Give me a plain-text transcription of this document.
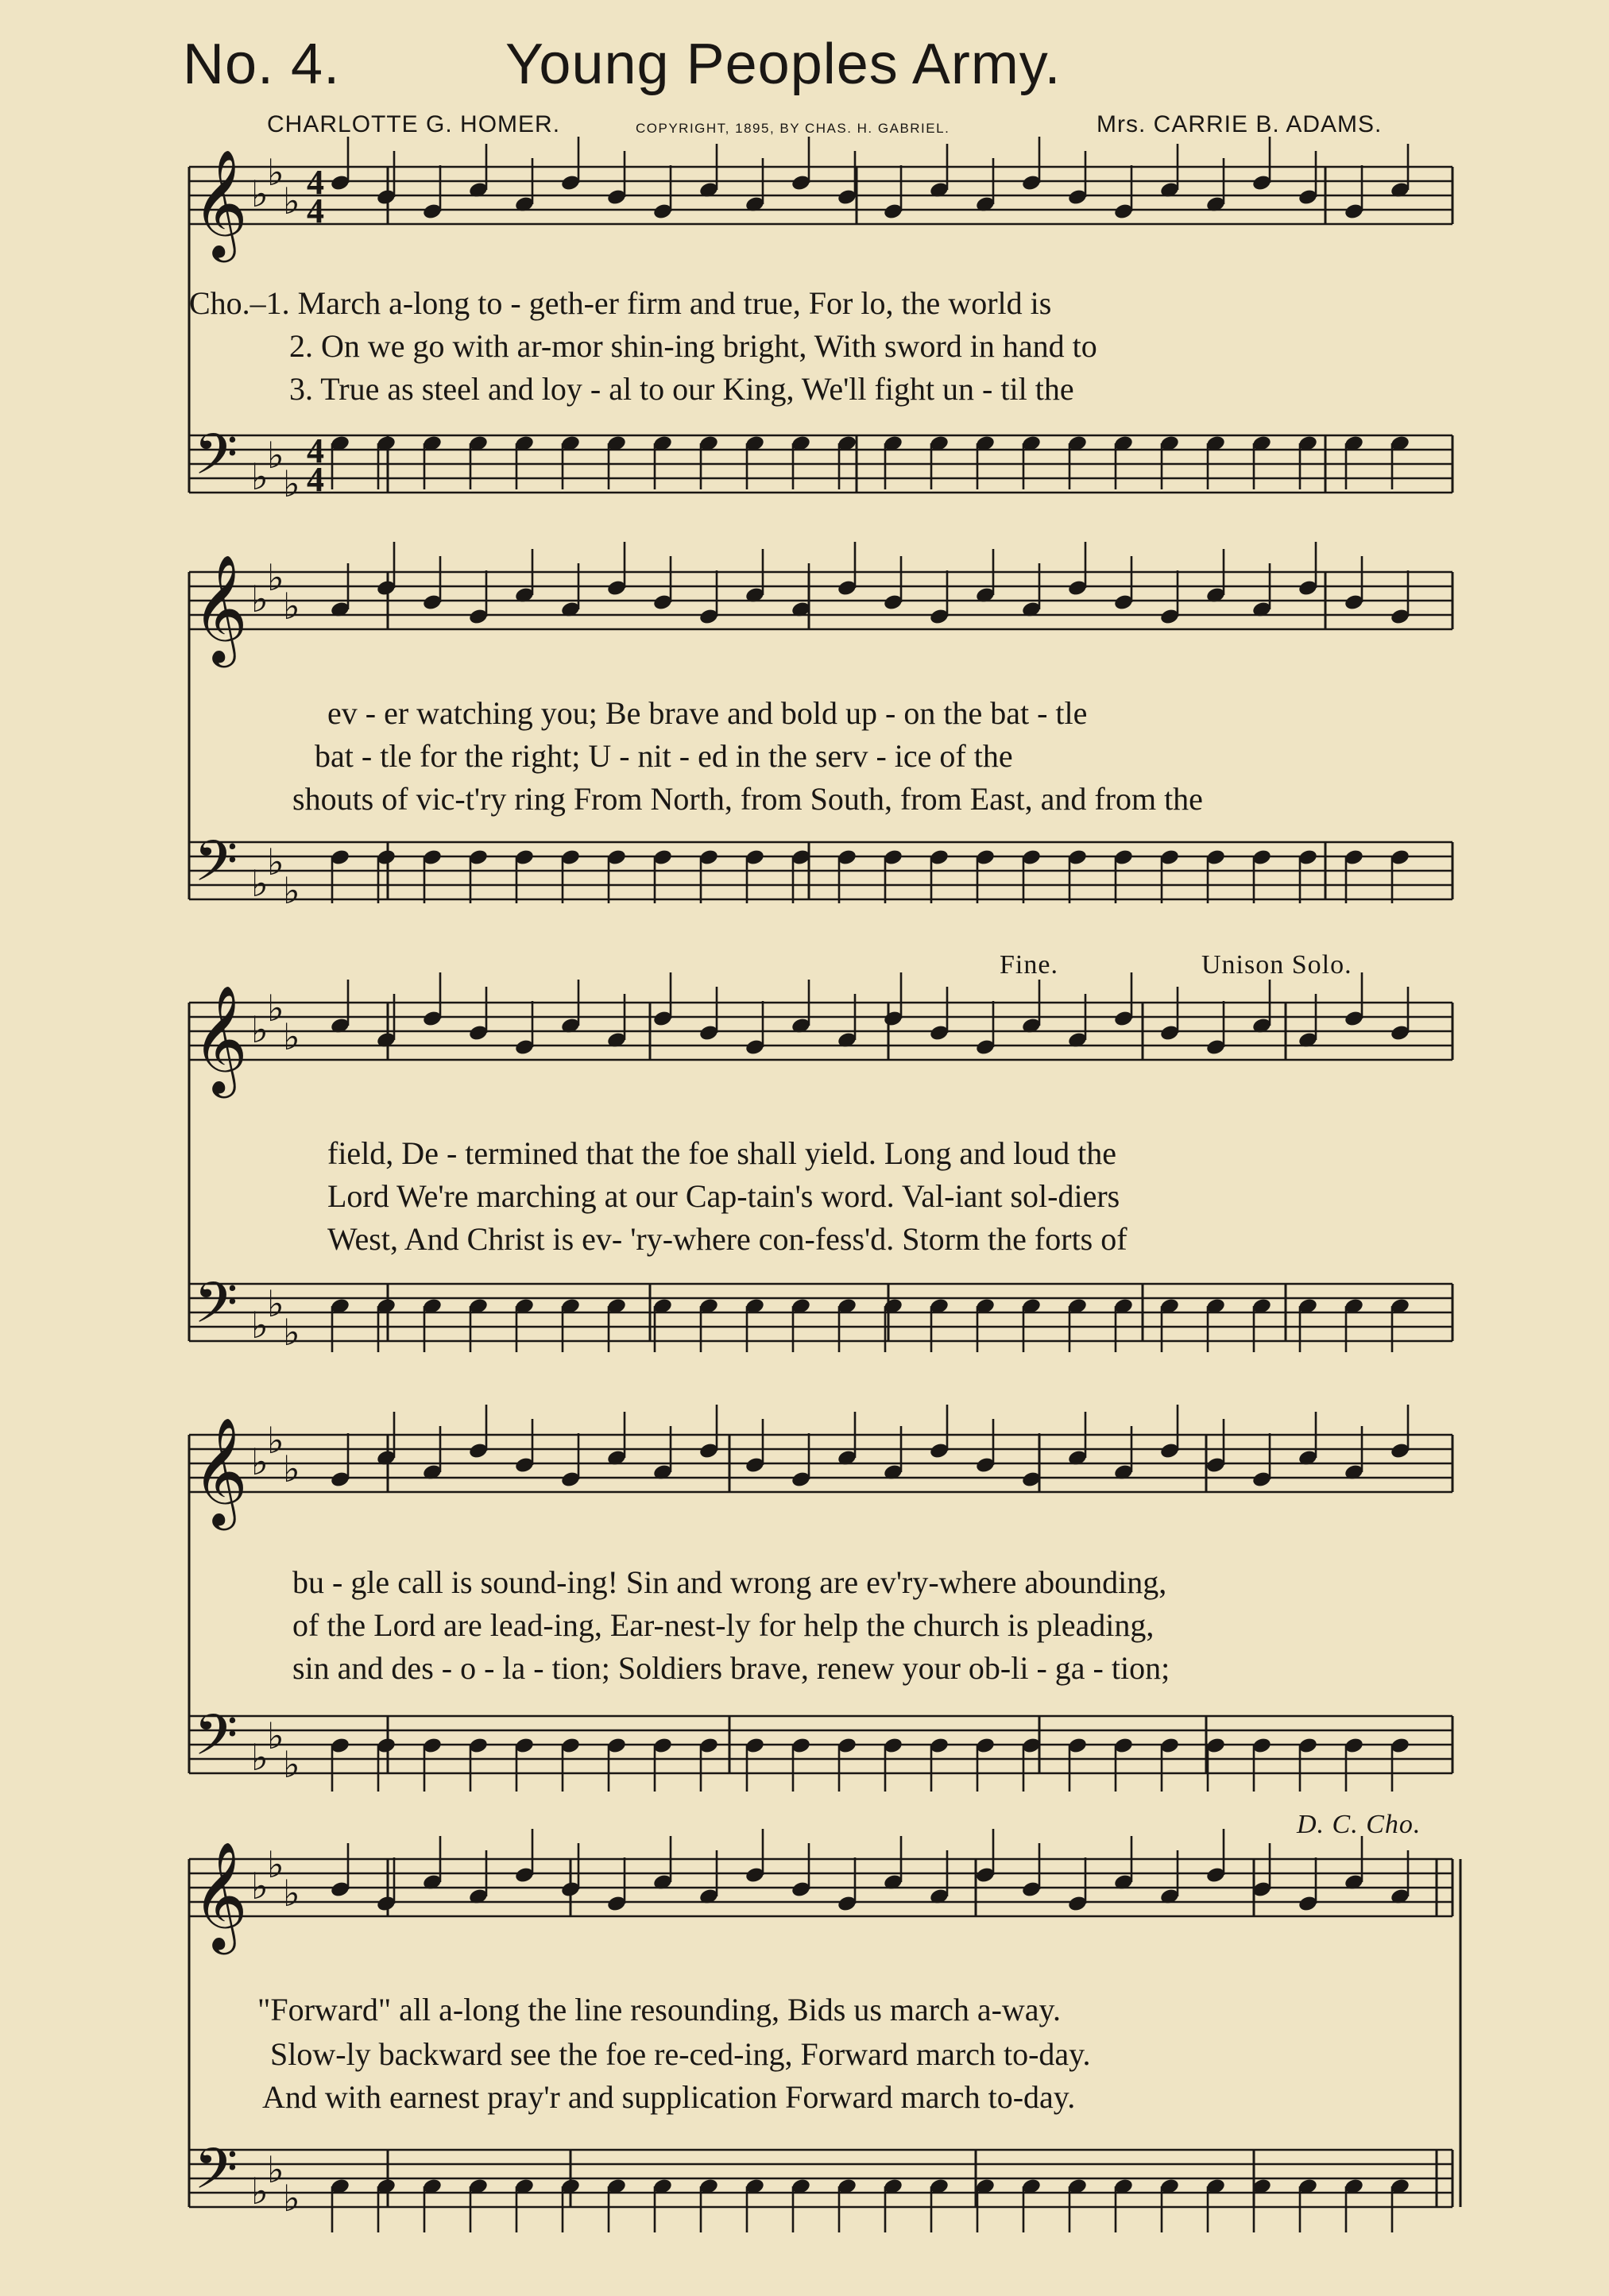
No. 4.	Young Peoples Army.
CHARLOTTE G. HOMER.	COPYRIGHT, 1895, BY CHAS. H. GABRIEL.	Mrs. CARRIE B. ADAMS.
𝄞 ♭
♭
♭ 4
4
𝄢 ♭
♭
♭
4
4
𝄞 ♭
♭
♭
𝄢 ♭
♭
♭
𝄞 ♭
♭
♭
𝄢 ♭
♭
♭
𝄞 ♭
♭
♭
𝄢 ♭
♭
♭
𝄞 ♭
♭
♭
𝄢 ♭
♭
♭
Fine.	Unison Solo.
D. C. Cho.
Cho.–1. March a-long to - geth-er firm and true, For lo, the world is
2. On we go with ar-mor shin-ing bright, With sword in hand to
3. True as steel and loy - al to our King, We'll fight un - til the
ev - er watching you; Be brave and bold up - on the bat - tle
bat - tle for the right; U - nit - ed in the serv - ice of the
shouts of vic-t'ry ring From North, from South, from East, and from the
field, De - termined that the foe shall yield. Long and loud the
Lord We're marching at our Cap-tain's word. Val-iant sol-diers
West, And Christ is ev- 'ry-where con-fess'd. Storm the forts of
bu - gle call is sound-ing! Sin and wrong are ev'ry-where abounding,
of the Lord are lead-ing, Ear-nest-ly for help the church is pleading,
sin and des - o - la - tion; Soldiers brave, renew your ob-li - ga - tion;
"Forward" all a-long the line resounding, Bids us march a-way.
Slow-ly backward see the foe re-ced-ing, Forward march to-day.
And with earnest pray'r and supplication Forward march to-day.
